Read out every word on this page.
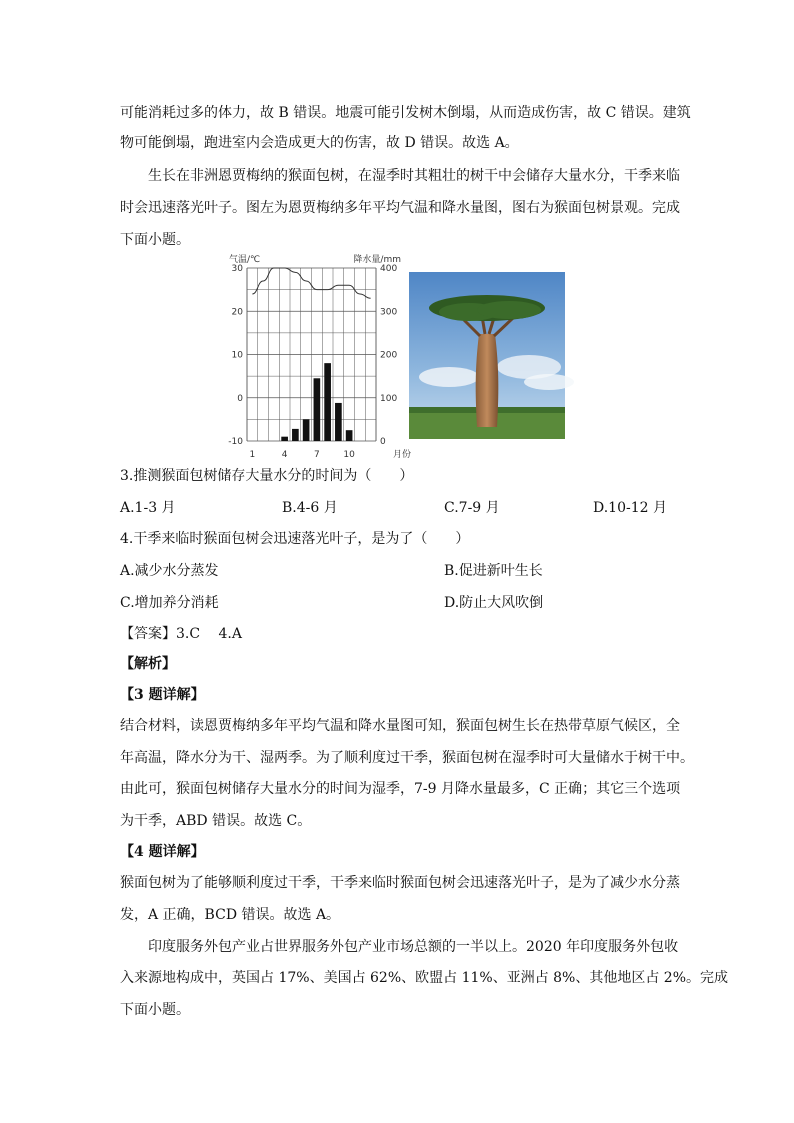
可能消耗过多的体力，故 B 错误。地震可能引发树木倒塌，从而造成伤害，故 C 错误。建筑
物可能倒塌，跑进室内会造成更大的伤害，故 D 错误。故选 A。
生长在非洲恩贾梅纳的猴面包树，在湿季时其粗壮的树干中会储存大量水分，干季来临
时会迅速落光叶子。图左为恩贾梅纳多年平均气温和降水量图，图右为猴面包树景观。完成
下面小题。
气温/℃	降水量/mm
30
20
10
0
-10
400
300
200
100
0
1	4	7	10	月份
3.推测猴面包树储存大量水分的时间为（　　）
A.1-3 月	B.4-6 月	C.7-9 月	D.10-12 月
4.干季来临时猴面包树会迅速落光叶子，是为了（　　）
A.减少水分蒸发	B.促进新叶生长
C.增加养分消耗	D.防止大风吹倒
【答案】3.C　 4.A
【解析】
【3 题详解】
结合材料，读恩贾梅纳多年平均气温和降水量图可知，猴面包树生长在热带草原气候区，全
年高温，降水分为干、湿两季。为了顺利度过干季，猴面包树在湿季时可大量储水于树干中。
由此可，猴面包树储存大量水分的时间为湿季，7-9 月降水量最多，C 正确；其它三个选项
为干季，ABD 错误。故选 C。
【4 题详解】
猴面包树为了能够顺利度过干季，干季来临时猴面包树会迅速落光叶子，是为了减少水分蒸
发，A 正确，BCD 错误。故选 A。
印度服务外包产业占世界服务外包产业市场总额的一半以上。2020 年印度服务外包收
入来源地构成中，英国占 17%、美国占 62%、欧盟占 11%、亚洲占 8%、其他地区占 2%。完成
下面小题。
